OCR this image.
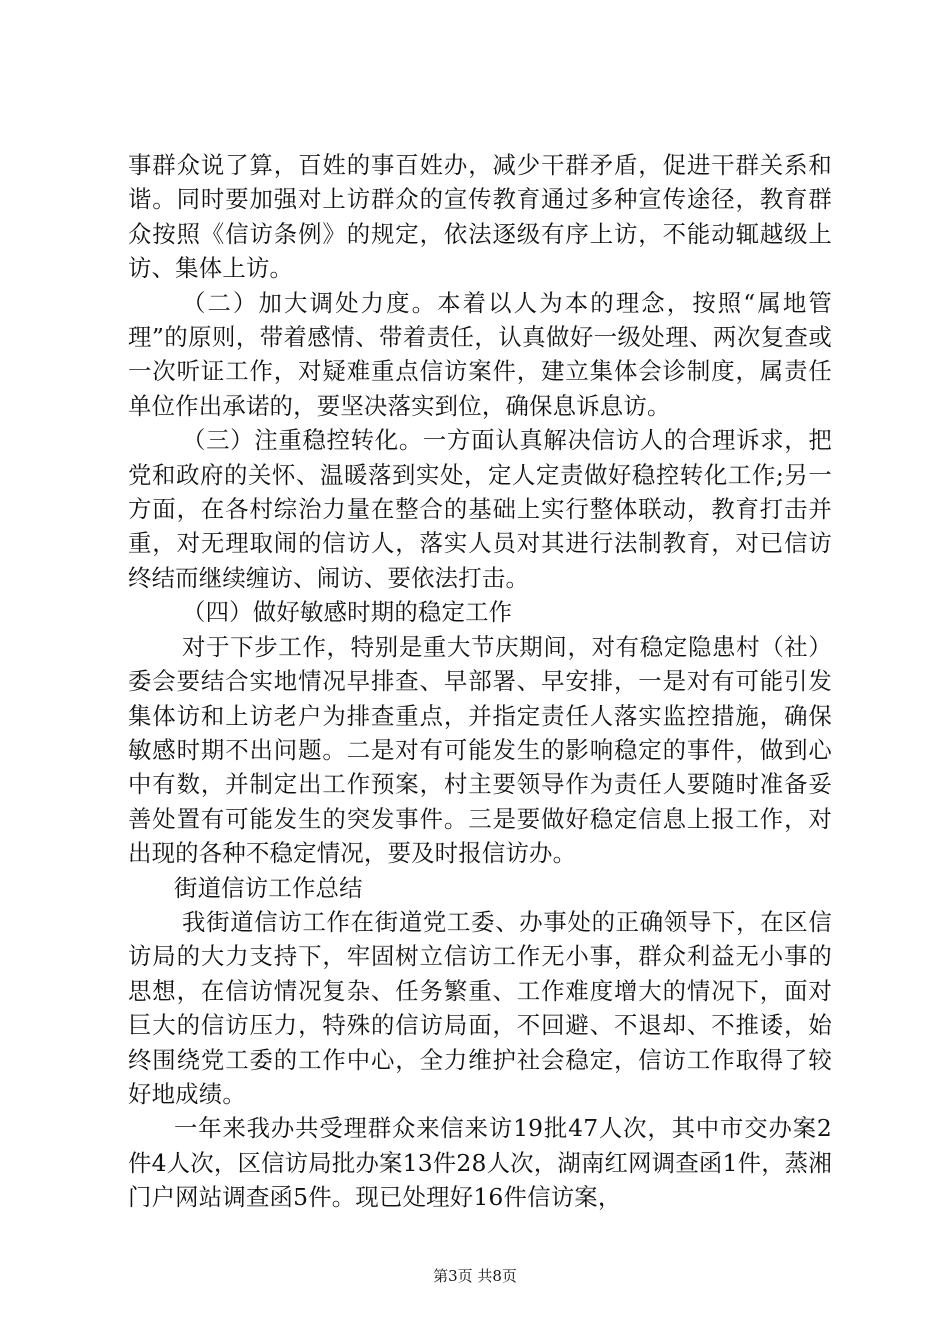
事群众说了算，百姓的事百姓办，减少干群矛盾，促进干群关系和谐。同时要加强对上访群众的宣传教育通过多种宣传途径，教育群众按照《信访条例》的规定，依法逐级有序上访，不能动辄越级上访、集体上访。

（二）加大调处力度。本着以人为本的理念，按照“属地管理”的原则，带着感情、带着责任，认真做好一级处理、两次复查或一次听证工作，对疑难重点信访案件，建立集体会诊制度，属责任单位作出承诺的，要坚决落实到位，确保息诉息访。

（三）注重稳控转化。一方面认真解决信访人的合理诉求，把党和政府的关怀、温暖落到实处，定人定责做好稳控转化工作;另一方面，在各村综治力量在整合的基础上实行整体联动，教育打击并重，对无理取闹的信访人，落实人员对其进行法制教育，对已信访终结而继续缠访、闹访、要依法打击。

（四）做好敏感时期的稳定工作

对于下步工作，特别是重大节庆期间，对有稳定隐患村（社）委会要结合实地情况早排查、早部署、早安排，一是对有可能引发集体访和上访老户为排查重点，并指定责任人落实监控措施，确保敏感时期不出问题。二是对有可能发生的影响稳定的事件，做到心中有数，并制定出工作预案，村主要领导作为责任人要随时准备妥善处置有可能发生的突发事件。三是要做好稳定信息上报工作，对出现的各种不稳定情况，要及时报信访办。

街道信访工作总结

我街道信访工作在街道党工委、办事处的正确领导下，在区信访局的大力支持下，牢固树立信访工作无小事，群众利益无小事的思想，在信访情况复杂、任务繁重、工作难度增大的情况下，面对巨大的信访压力，特殊的信访局面，不回避、不退却、不推诿，始终围绕党工委的工作中心，全力维护社会稳定，信访工作取得了较好地成绩。

一年来我办共受理群众来信来访19批47人次，其中市交办案2件4人次，区信访局批办案13件28人次，湖南红网调查函1件，蒸湘门户网站调查函5件。现已处理好16件信访案，

第3页 共8页
